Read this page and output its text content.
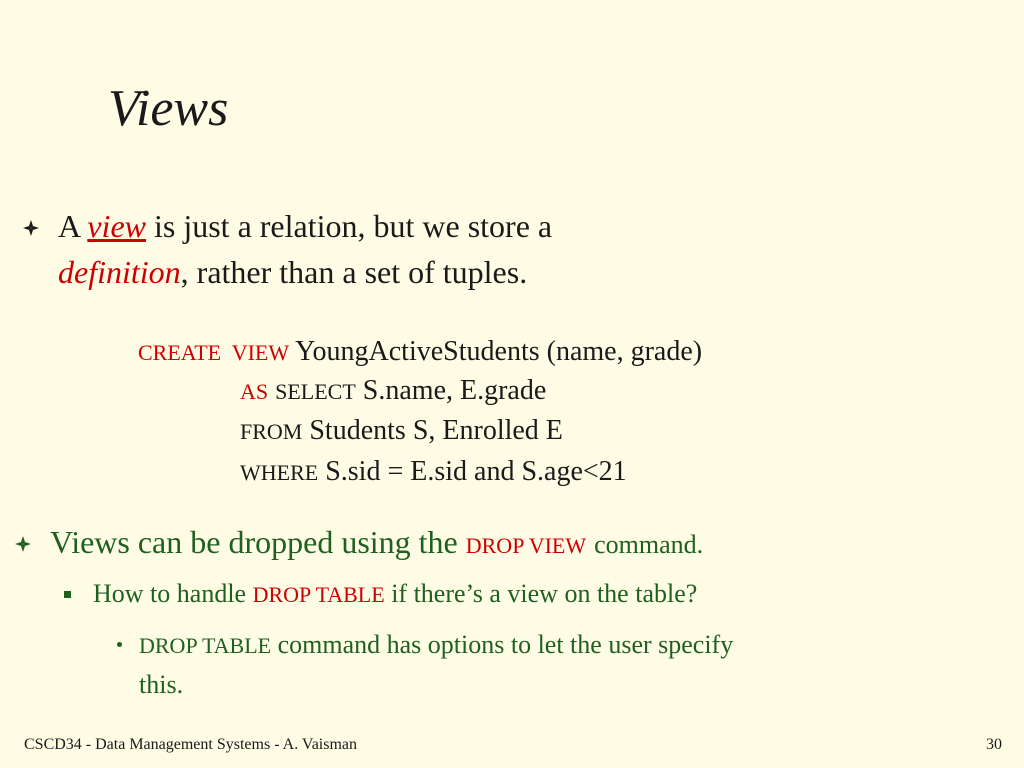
Views
A view is just a relation, but we store a
definition, rather than a set of tuples.
CREATE  VIEW YoungActiveStudents (name, grade)
AS SELECT S.name, E.grade
FROM Students S, Enrolled E
WHERE S.sid = E.sid and S.age<21
Views can be dropped using the DROP VIEW command.
How to handle DROP TABLE if there’s a view on the table?
DROP TABLE command has options to let the user specify
this.
CSCD34 - Data Management Systems - A. Vaisman	30
